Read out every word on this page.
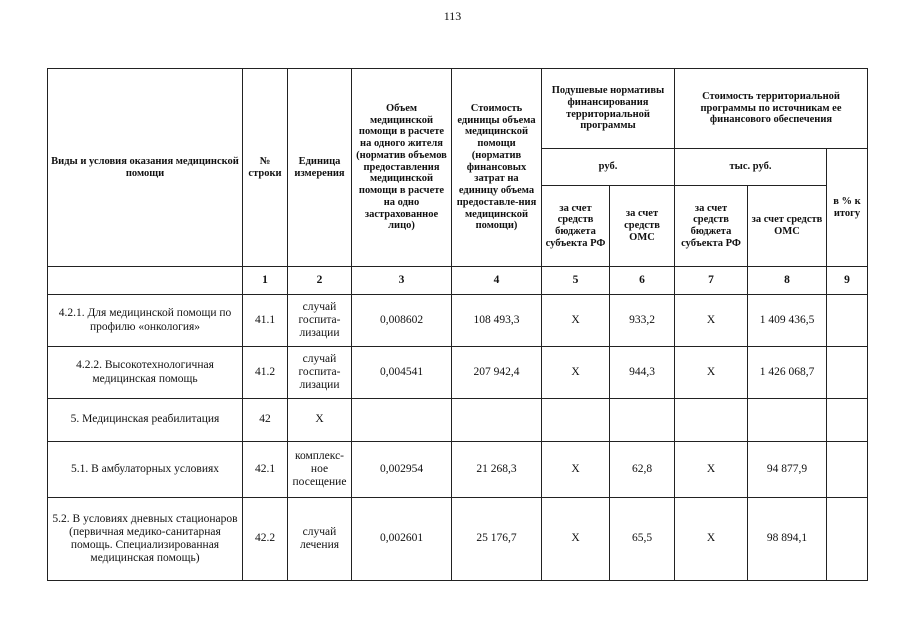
113
Виды и условия оказания медицинской помощи	№ строки	Единица измерения	Объем медицинской помощи в расчете на одного жителя (норматив объемов предоставления медицинской помощи в расчете на одно застрахованное лицо)	Стоимость единицы объема медицинской помощи (норматив финансовых затрат на единицу объема предоставле-ния медицинской помощи)	Подушевые нормативы финансирования территориальной программы		Стоимость территориальной программы по источникам ее финансового обеспечения		
					руб.		тыс. руб.		в % к итогу
					за счет средств бюджета субъекта РФ	за счет средств ОМС	за счет средств бюджета субъекта РФ	за счет средств ОМС	
	1	2	3	4	5	6	7	8	9
4.2.1. Для медицинской помощи по профилю «онкология»	41.1	случай госпита-лизации	0,008602	108 493,3	Х	933,2	Х	1 409 436,5	
4.2.2. Высокотехнологичная медицинская помощь	41.2	случай госпита-лизации	0,004541	207 942,4	Х	944,3	Х	1 426 068,7	
5. Медицинская реабилитация	42	Х							
5.1. В амбулаторных условиях	42.1	комплекс-ное посещение	0,002954	21 268,3	Х	62,8	Х	94 877,9	
5.2. В условиях дневных стационаров (первичная медико-санитарная помощь. Специализированная медицинская помощь)	42.2	случай лечения	0,002601	25 176,7	Х	65,5	Х	98 894,1	
